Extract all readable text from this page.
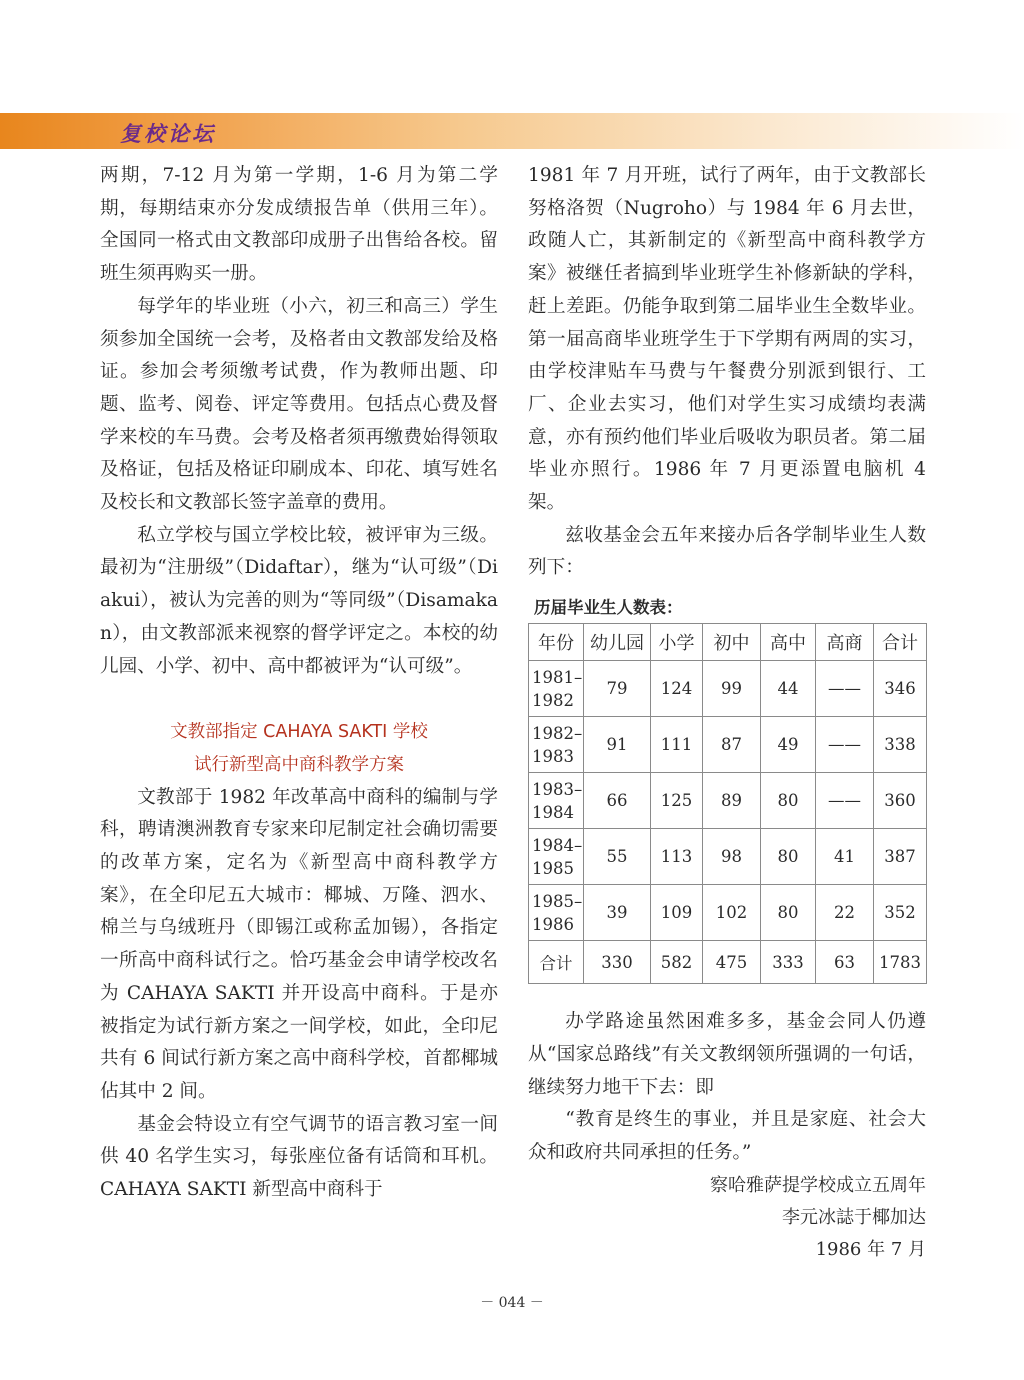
复校论坛

两期，7-12 月为第一学期，1-6 月为第二学期，每期结束亦分发成绩报告单（供用三年）。全国同一格式由文教部印成册子出售给各校。留班生须再购买一册。

每学年的毕业班（小六，初三和高三）学生须参加全国统一会考，及格者由文教部发给及格证。参加会考须缴考试费，作为教师出题、印题、监考、阅卷、评定等费用。包括点心费及督学来校的车马费。会考及格者须再缴费始得领取及格证，包括及格证印刷成本、印花、填写姓名及校长和文教部长签字盖章的费用。

私立学校与国立学校比较，被评审为三级。最初为“注册级”（Didaftar），继为“认可级”（Diakui），被认为完善的则为“等同级”（Disamakan），由文教部派来视察的督学评定之。本校的幼儿园、小学、初中、高中都被评为“认可级”。

文教部指定 CAHAYA SAKTI 学校

试行新型高中商科教学方案

文教部于 1982 年改革高中商科的编制与学科，聘请澳洲教育专家来印尼制定社会确切需要的改革方案，定名为《新型高中商科教学方案》，在全印尼五大城市：椰城、万隆、泗水、棉兰与乌绒班丹（即锡江或称孟加锡），各指定一所高中商科试行之。恰巧基金会申请学校改名为 CAHAYA SAKTI 并开设高中商科。于是亦被指定为试行新方案之一间学校，如此，全印尼共有 6 间试行新方案之高中商科学校，首都椰城佔其中 2 间。

基金会特设立有空气调节的语言教习室一间供 40 名学生实习，每张座位备有话筒和耳机。CAHAYA SAKTI 新型高中商科于

1981 年 7 月开班，试行了两年，由于文教部长努格洛贺（Nugroho）与 1984 年 6 月去世，政随人亡，其新制定的《新型高中商科教学方案》被继任者搞到毕业班学生补修新缺的学科，赶上差距。仍能争取到第二届毕业生全数毕业。第一届高商毕业班学生于下学期有两周的实习，由学校津贴车马费与午餐费分别派到银行、工厂、企业去实习，他们对学生实习成绩均表满意，亦有预约他们毕业后吸收为职员者。第二届毕业亦照行。1986 年 7 月更添置电脑机 4 架。

兹收基金会五年来接办后各学制毕业生人数列下：

历届毕业生人数表：

年份	幼儿园	小学	初中	高中	高商	合计
1981–1982	79	124	99	44	——	346
1982–1983	91	111	87	49	——	338
1983–1984	66	125	89	80	——	360
1984–1985	55	113	98	80	41	387
1985–1986	39	109	102	80	22	352
合计	330	582	475	333	63	1783

办学路途虽然困难多多，基金会同人仍遵从“国家总路线”有关文教纲领所强调的一句话，继续努力地干下去：即

“教育是终生的事业，并且是家庭、社会大众和政府共同承担的任务。”

察哈雅萨提学校成立五周年

李元冰誌于椰加达

1986 年 7 月

－ 044 －
